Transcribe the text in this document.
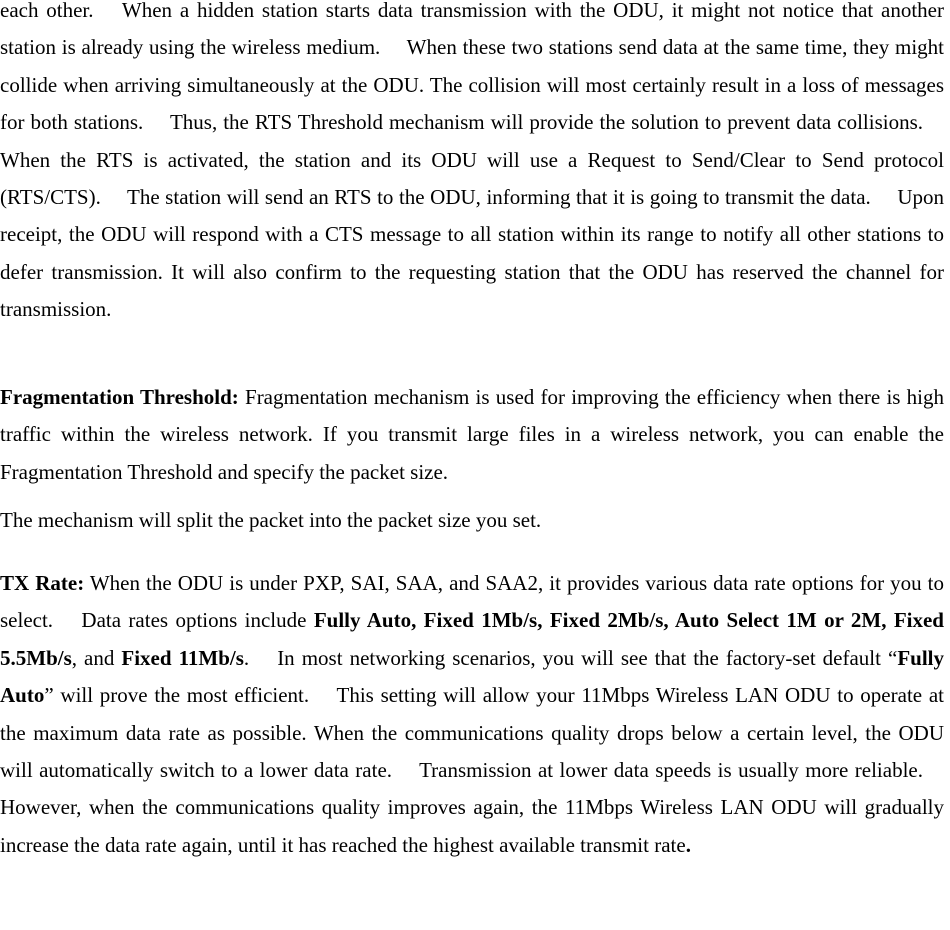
each other.  When a hidden station starts data transmission with the ODU, it might not notice that another station is already using the wireless medium.  When these two stations send data at the same time, they might collide when arriving simultaneously at the ODU. The collision will most certainly result in a loss of messages for both stations.  Thus, the RTS Threshold mechanism will provide the solution to prevent data collisions.  When the RTS is activated, the station and its ODU will use a Request to Send/Clear to Send protocol (RTS/CTS).  The station will send an RTS to the ODU, informing that it is going to transmit the data.  Upon receipt, the ODU will respond with a CTS message to all station within its range to notify all other stations to defer transmission. It will also confirm to the requesting station that the ODU has reserved the channel for transmission.

Fragmentation Threshold: Fragmentation mechanism is used for improving the efficiency when there is high traffic within the wireless network. If you transmit large files in a wireless network, you can enable the Fragmentation Threshold and specify the packet size.

The mechanism will split the packet into the packet size you set.

TX Rate: When the ODU is under PXP, SAI, SAA, and SAA2, it provides various data rate options for you to select.  Data rates options include Fully Auto, Fixed 1Mb/s, Fixed 2Mb/s, Auto Select 1M or 2M, Fixed 5.5Mb/s, and Fixed 11Mb/s.  In most networking scenarios, you will see that the factory-set default “Fully Auto” will prove the most efficient.  This setting will allow your 11Mbps Wireless LAN ODU to operate at the maximum data rate as possible. When the communications quality drops below a certain level, the ODU will automatically switch to a lower data rate.  Transmission at lower data speeds is usually more reliable.  However, when the communications quality improves again, the 11Mbps Wireless LAN ODU will gradually increase the data rate again, until it has reached the highest available transmit rate.
